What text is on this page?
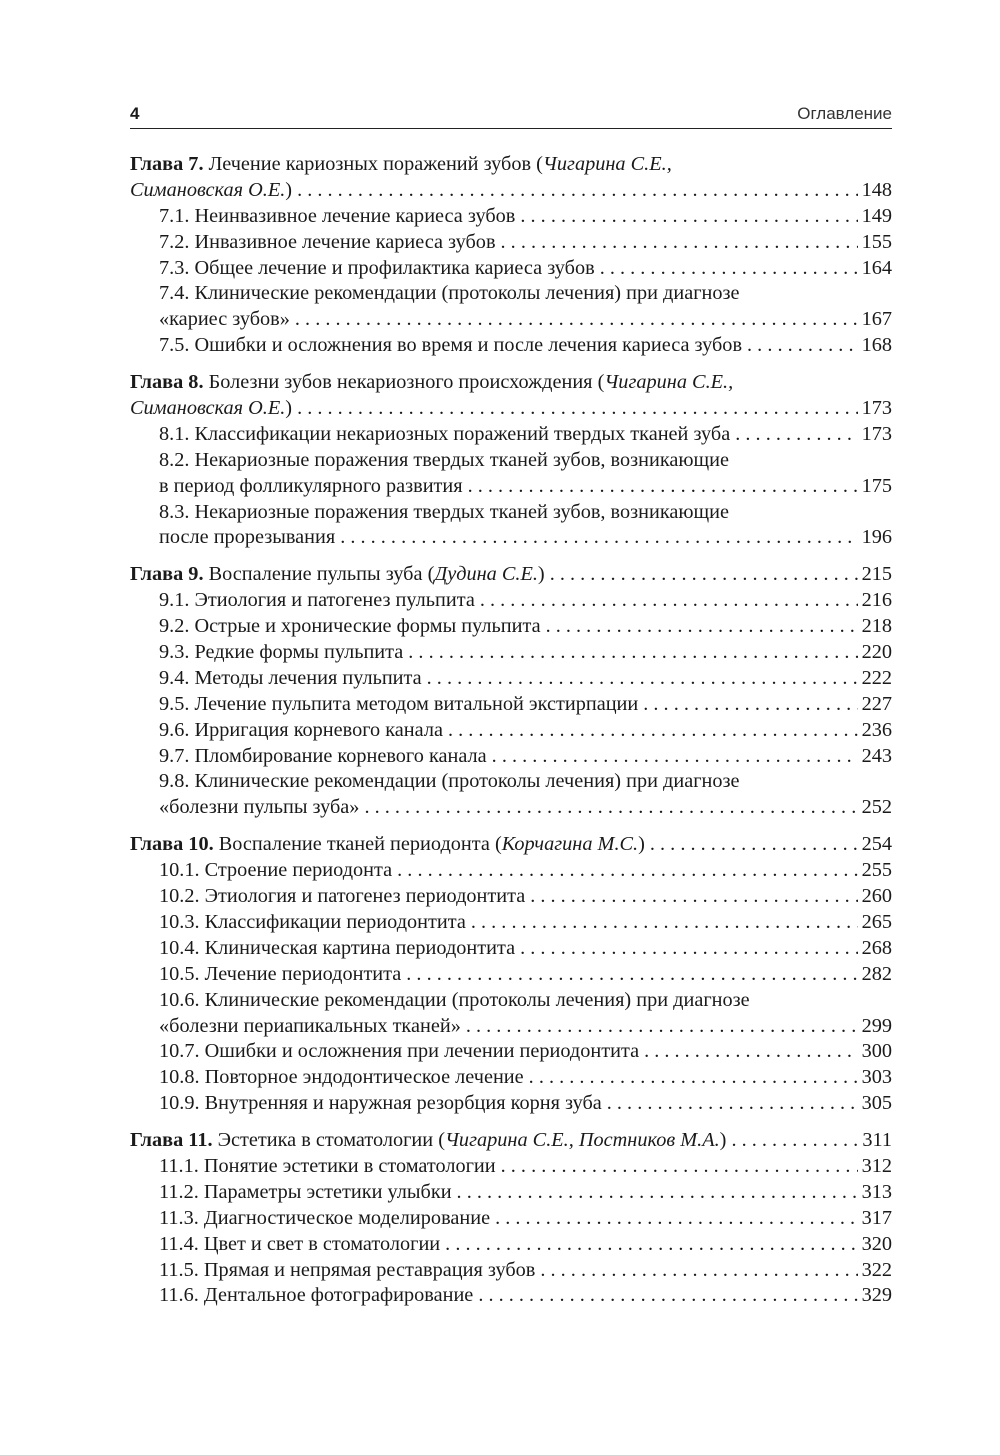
4	Оглавление
Глава 7. Лечение кариозных поражений зубов (Чигарина С.Е.,
Симановская О.Е.) . . .	148
7.1. Неинвазивное лечение кариеса зубов . . .	149
7.2. Инвазивное лечение кариеса зубов . . .	155
7.3. Общее лечение и профилактика кариеса зубов . . .	164
7.4. Клинические рекомендации (протоколы лечения) при диагнозе
«кариес зубов» . . .	167
7.5. Ошибки и осложнения во время и после лечения кариеса зубов . . .	168
Глава 8. Болезни зубов некариозного происхождения (Чигарина С.Е.,
Симановская О.Е.) . . .	173
8.1. Классификации некариозных поражений твердых тканей зуба . . .	173
8.2. Некариозные поражения твердых тканей зубов, возникающие
в период фолликулярного развития . . .	175
8.3. Некариозные поражения твердых тканей зубов, возникающие
после прорезывания . . .	196
Глава 9. Воспаление пульпы зуба (Дудина С.Е.) . . .	215
9.1. Этиология и патогенез пульпита . . .	216
9.2. Острые и хронические формы пульпита . . .	218
9.3. Редкие формы пульпита . . .	220
9.4. Методы лечения пульпита . . .	222
9.5. Лечение пульпита методом витальной экстирпации . . .	227
9.6. Ирригация корневого канала . . .	236
9.7. Пломбирование корневого канала . . .	243
9.8. Клинические рекомендации (протоколы лечения) при диагнозе
«болезни пульпы зуба» . . .	252
Глава 10. Воспаление тканей периодонта (Корчагина М.С.) . . .	254
10.1. Строение периодонта . . .	255
10.2. Этиология и патогенез периодонтита . . .	260
10.3. Классификации периодонтита . . .	265
10.4. Клиническая картина периодонтита . . .	268
10.5. Лечение периодонтита . . .	282
10.6. Клинические рекомендации (протоколы лечения) при диагнозе
«болезни периапикальных тканей» . . .	299
10.7. Ошибки и осложнения при лечении периодонтита . . .	300
10.8. Повторное эндодонтическое лечение . . .	303
10.9. Внутренняя и наружная резорбция корня зуба . . .	305
Глава 11. Эстетика в стоматологии (Чигарина С.Е., Постников М.А.) . . .	311
11.1. Понятие эстетики в стоматологии . . .	312
11.2. Параметры эстетики улыбки . . .	313
11.3. Диагностическое моделирование . . .	317
11.4. Цвет и свет в стоматологии . . .	320
11.5. Прямая и непрямая реставрация зубов . . .	322
11.6. Дентальное фотографирование . . .	329
